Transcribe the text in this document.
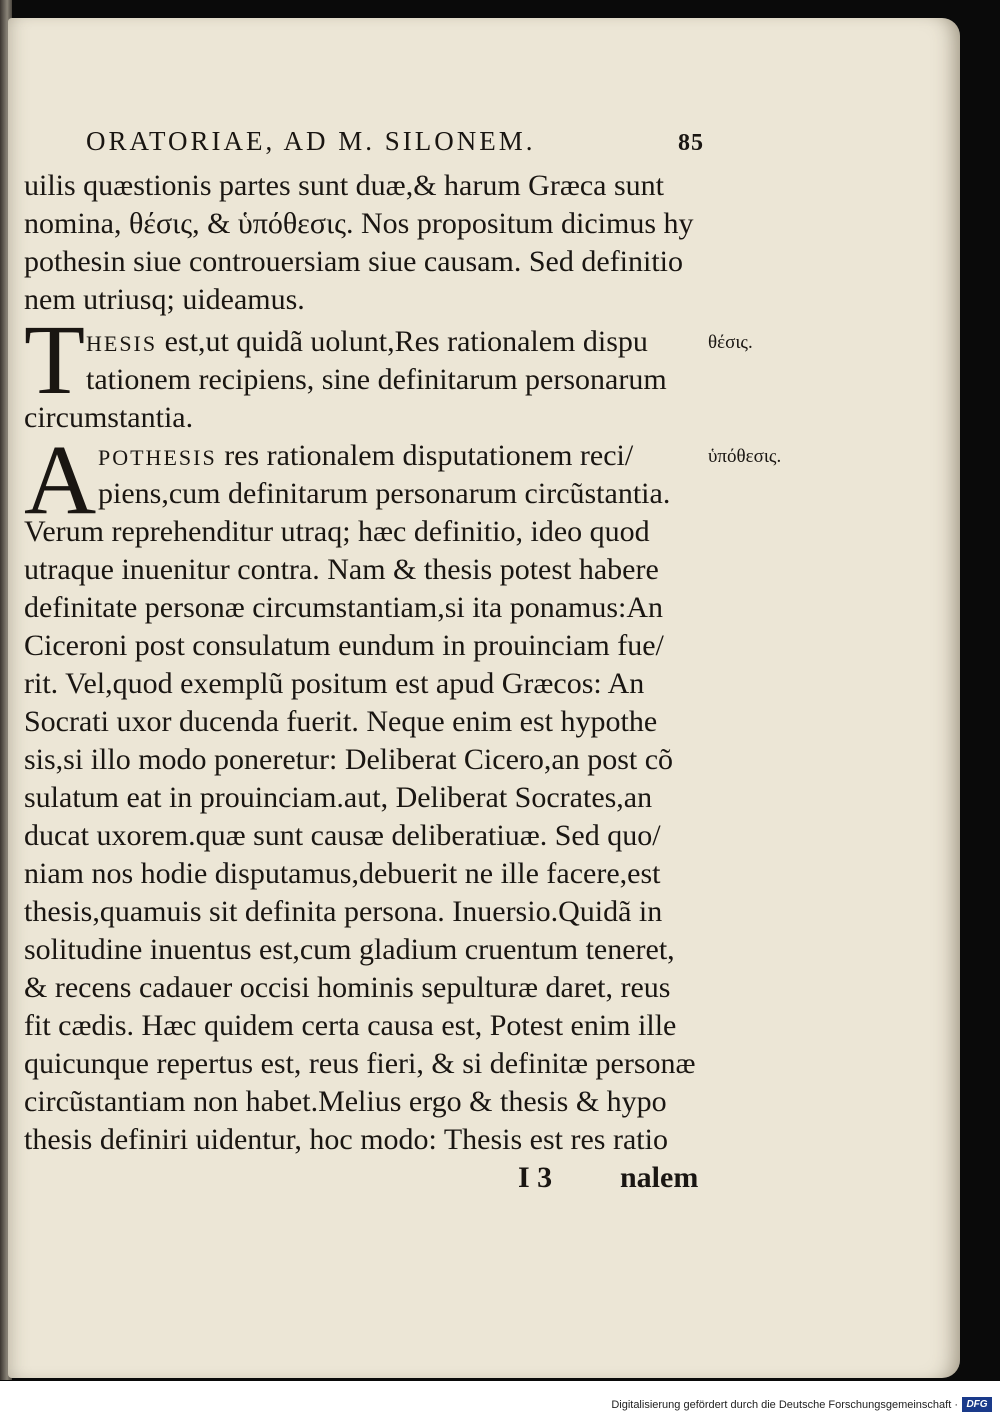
ORATORIAE, AD M. SILONEM.	85
uilis quæstionis partes sunt duæ,& harum Græca sunt
nomina, θέσις, & ὑπόθεσις. Nos propositum dicimus hy
pothesin siue controuersiam siue causam. Sed definitio
nem utriusq; uideamus.
T HESIS est,ut quidã uolunt,Res rationalem dispu
tationem recipiens, sine definitarum personarum
circumstantia.
θέσις.
A POTHESIS res rationalem disputationem reci/
piens,cum definitarum personarum circũstantia.
ὑπόθεσις.
Verum reprehenditur utraq; hæc definitio, ideo quod
utraque inuenitur contra. Nam & thesis potest habere
definitate personæ circumstantiam,si ita ponamus:An
Ciceroni post consulatum eundum in prouinciam fue/
rit. Vel,quod exemplũ positum est apud Græcos: An
Socrati uxor ducenda fuerit. Neque enim est hypothe
sis,si illo modo poneretur: Deliberat Cicero,an post cõ
sulatum eat in prouinciam.aut, Deliberat Socrates,an
ducat uxorem.quæ sunt causæ deliberatiuæ. Sed quo/
niam nos hodie disputamus,debuerit ne ille facere,est
thesis,quamuis sit definita persona. Inuersio.Quidã in
solitudine inuentus est,cum gladium cruentum teneret,
& recens cadauer occisi hominis sepulturæ daret, reus
fit cædis. Hæc quidem certa causa est, Potest enim ille
quicunque repertus est, reus fieri, & si definitæ personæ
circũstantiam non habet.Melius ergo & thesis & hypo
thesis definiri uidentur, hoc modo: Thesis est res ratio
I 3 nalem
Digitalisierung gefördert durch die Deutsche Forschungsgemeinschaft · DFG
